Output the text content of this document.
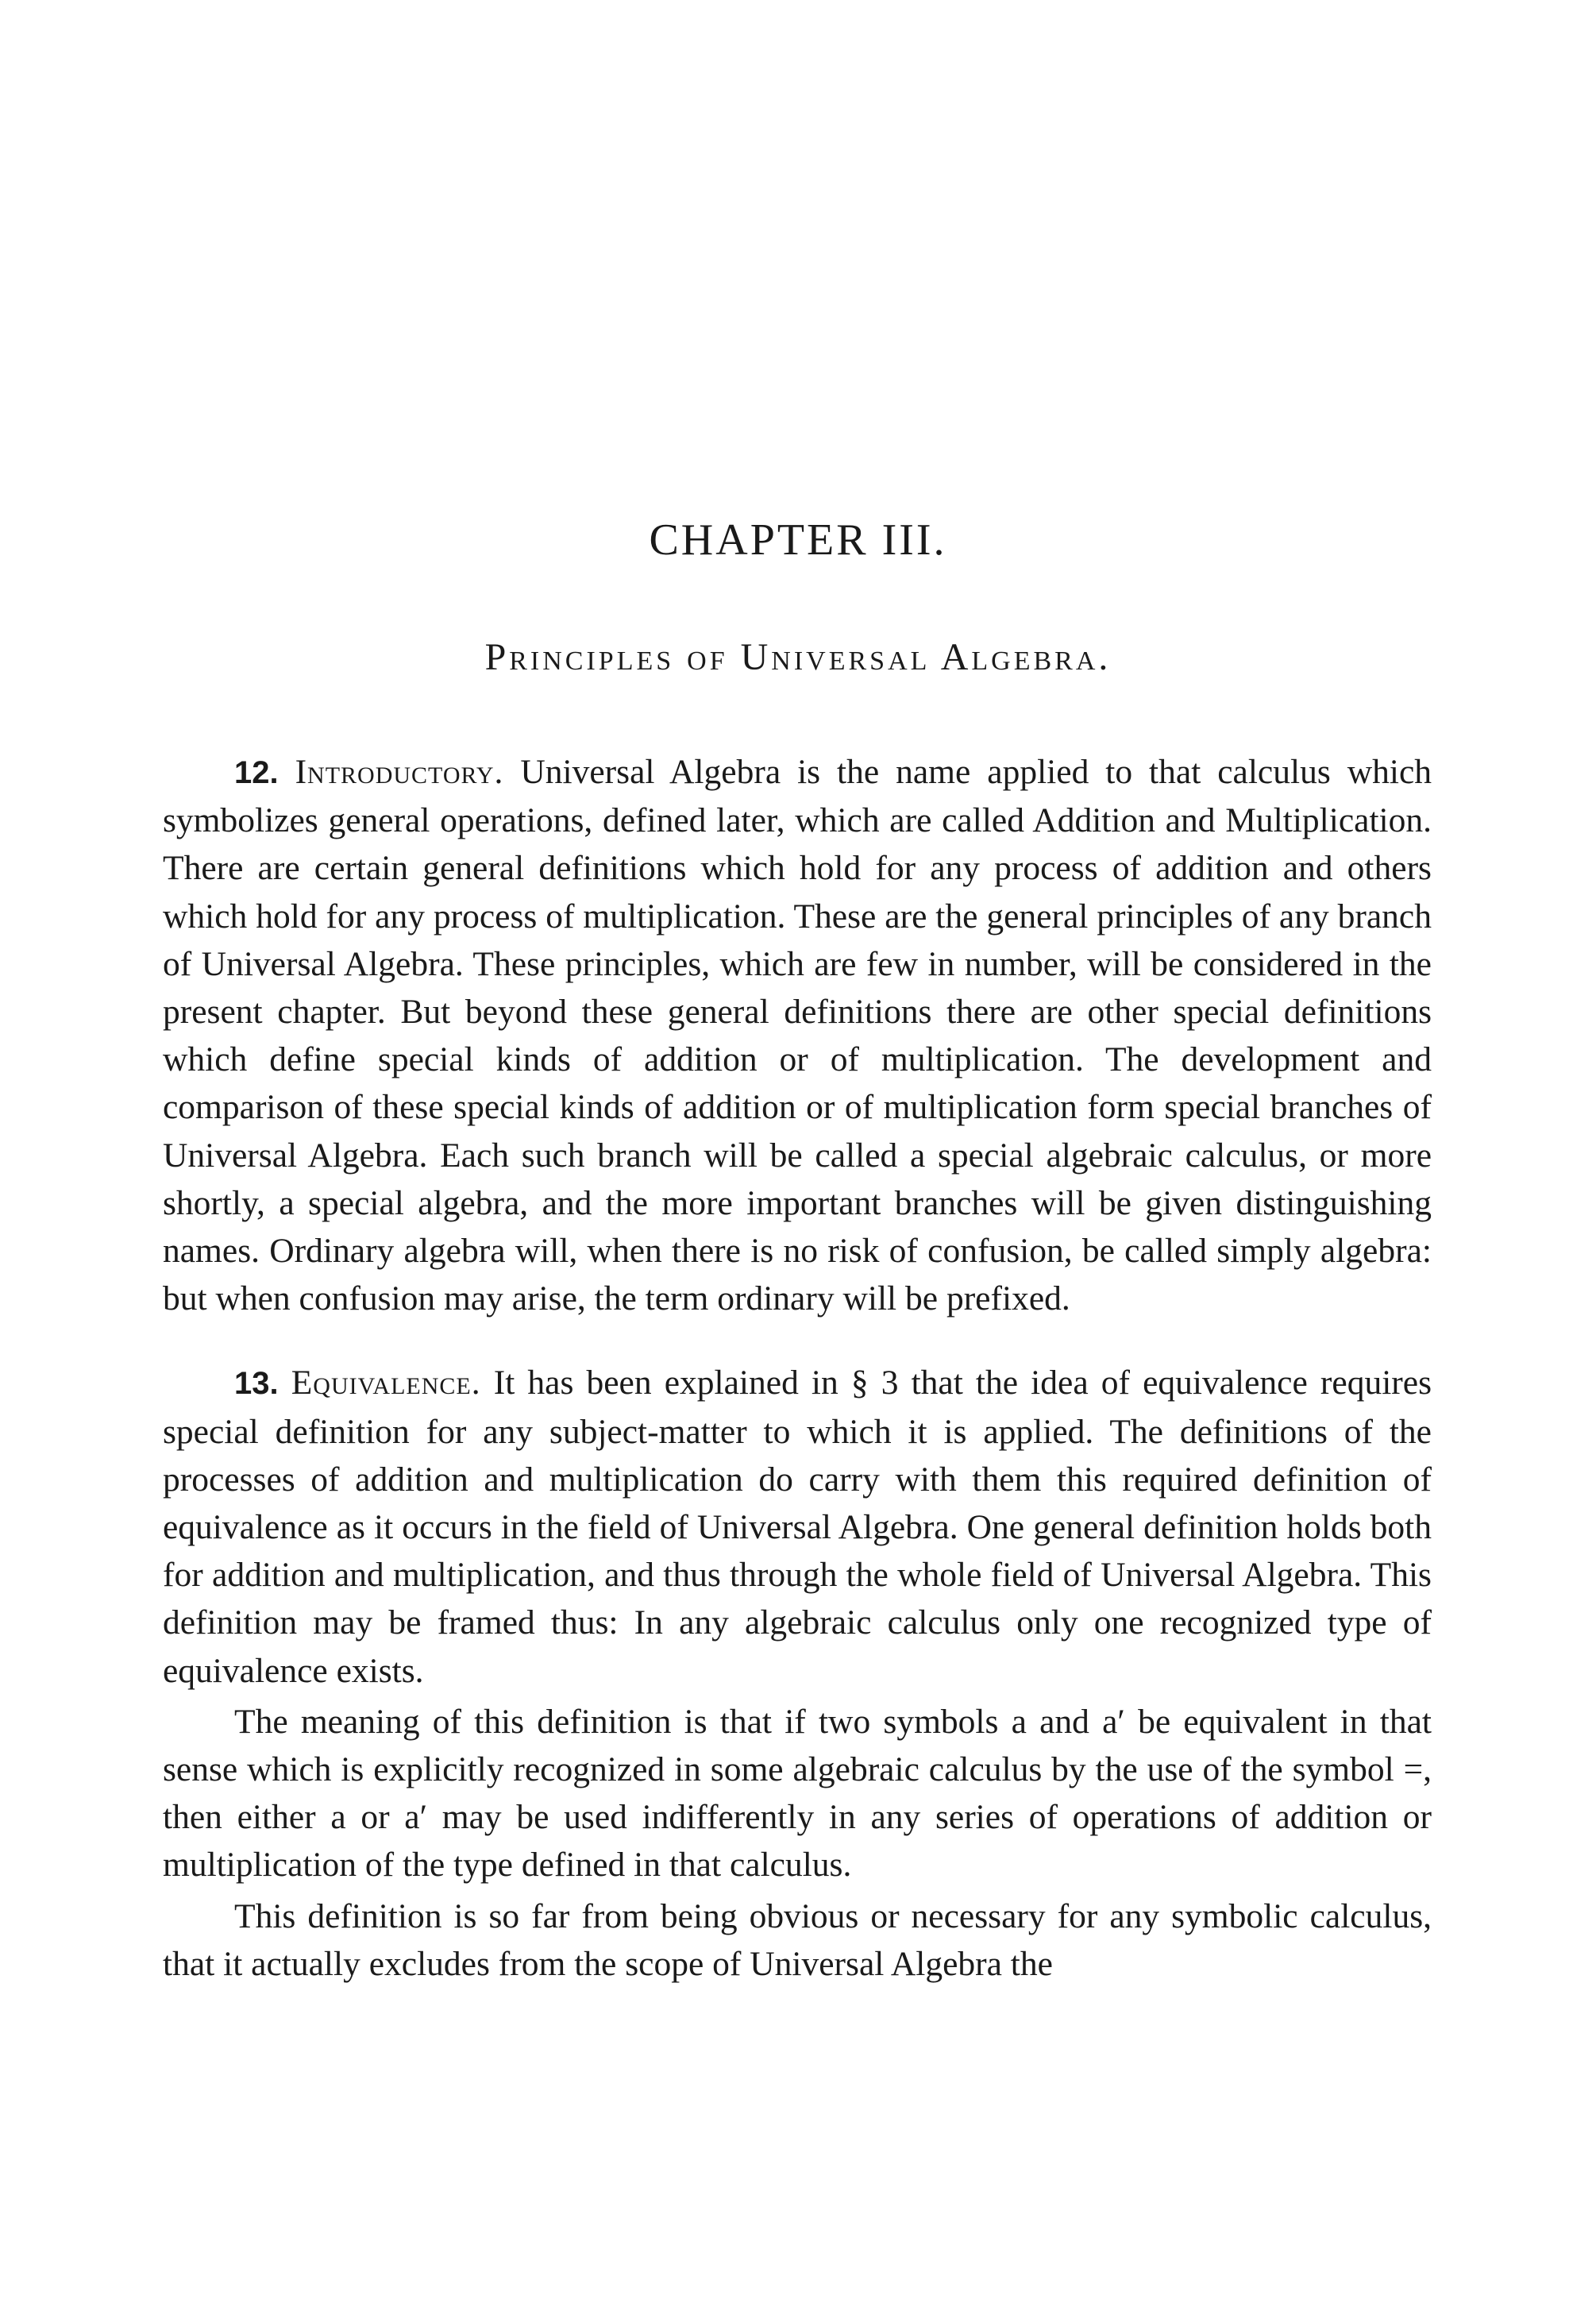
CHAPTER III.
Principles of Universal Algebra.

12. Introductory. Universal Algebra is the name applied to that calculus which symbolizes general operations, defined later, which are called Addition and Multiplication. There are certain general definitions which hold for any process of addition and others which hold for any process of multiplication. These are the general principles of any branch of Universal Algebra. These principles, which are few in number, will be considered in the present chapter. But beyond these general definitions there are other special definitions which define special kinds of addition or of multiplication. The development and comparison of these special kinds of addition or of multiplication form special branches of Universal Algebra. Each such branch will be called a special algebraic calculus, or more shortly, a special algebra, and the more important branches will be given distinguishing names. Ordinary algebra will, when there is no risk of confusion, be called simply algebra: but when confusion may arise, the term ordinary will be prefixed.

13. Equivalence. It has been explained in § 3 that the idea of equivalence requires special definition for any subject-matter to which it is applied. The definitions of the processes of addition and multiplication do carry with them this required definition of equivalence as it occurs in the field of Universal Algebra. One general definition holds both for addition and multiplication, and thus through the whole field of Universal Algebra. This definition may be framed thus: In any algebraic calculus only one recognized type of equivalence exists.

The meaning of this definition is that if two symbols a and a′ be equivalent in that sense which is explicitly recognized in some algebraic calculus by the use of the symbol =, then either a or a′ may be used indifferently in any series of operations of addition or multiplication of the type defined in that calculus.

This definition is so far from being obvious or necessary for any symbolic calculus, that it actually excludes from the scope of Universal Algebra the
